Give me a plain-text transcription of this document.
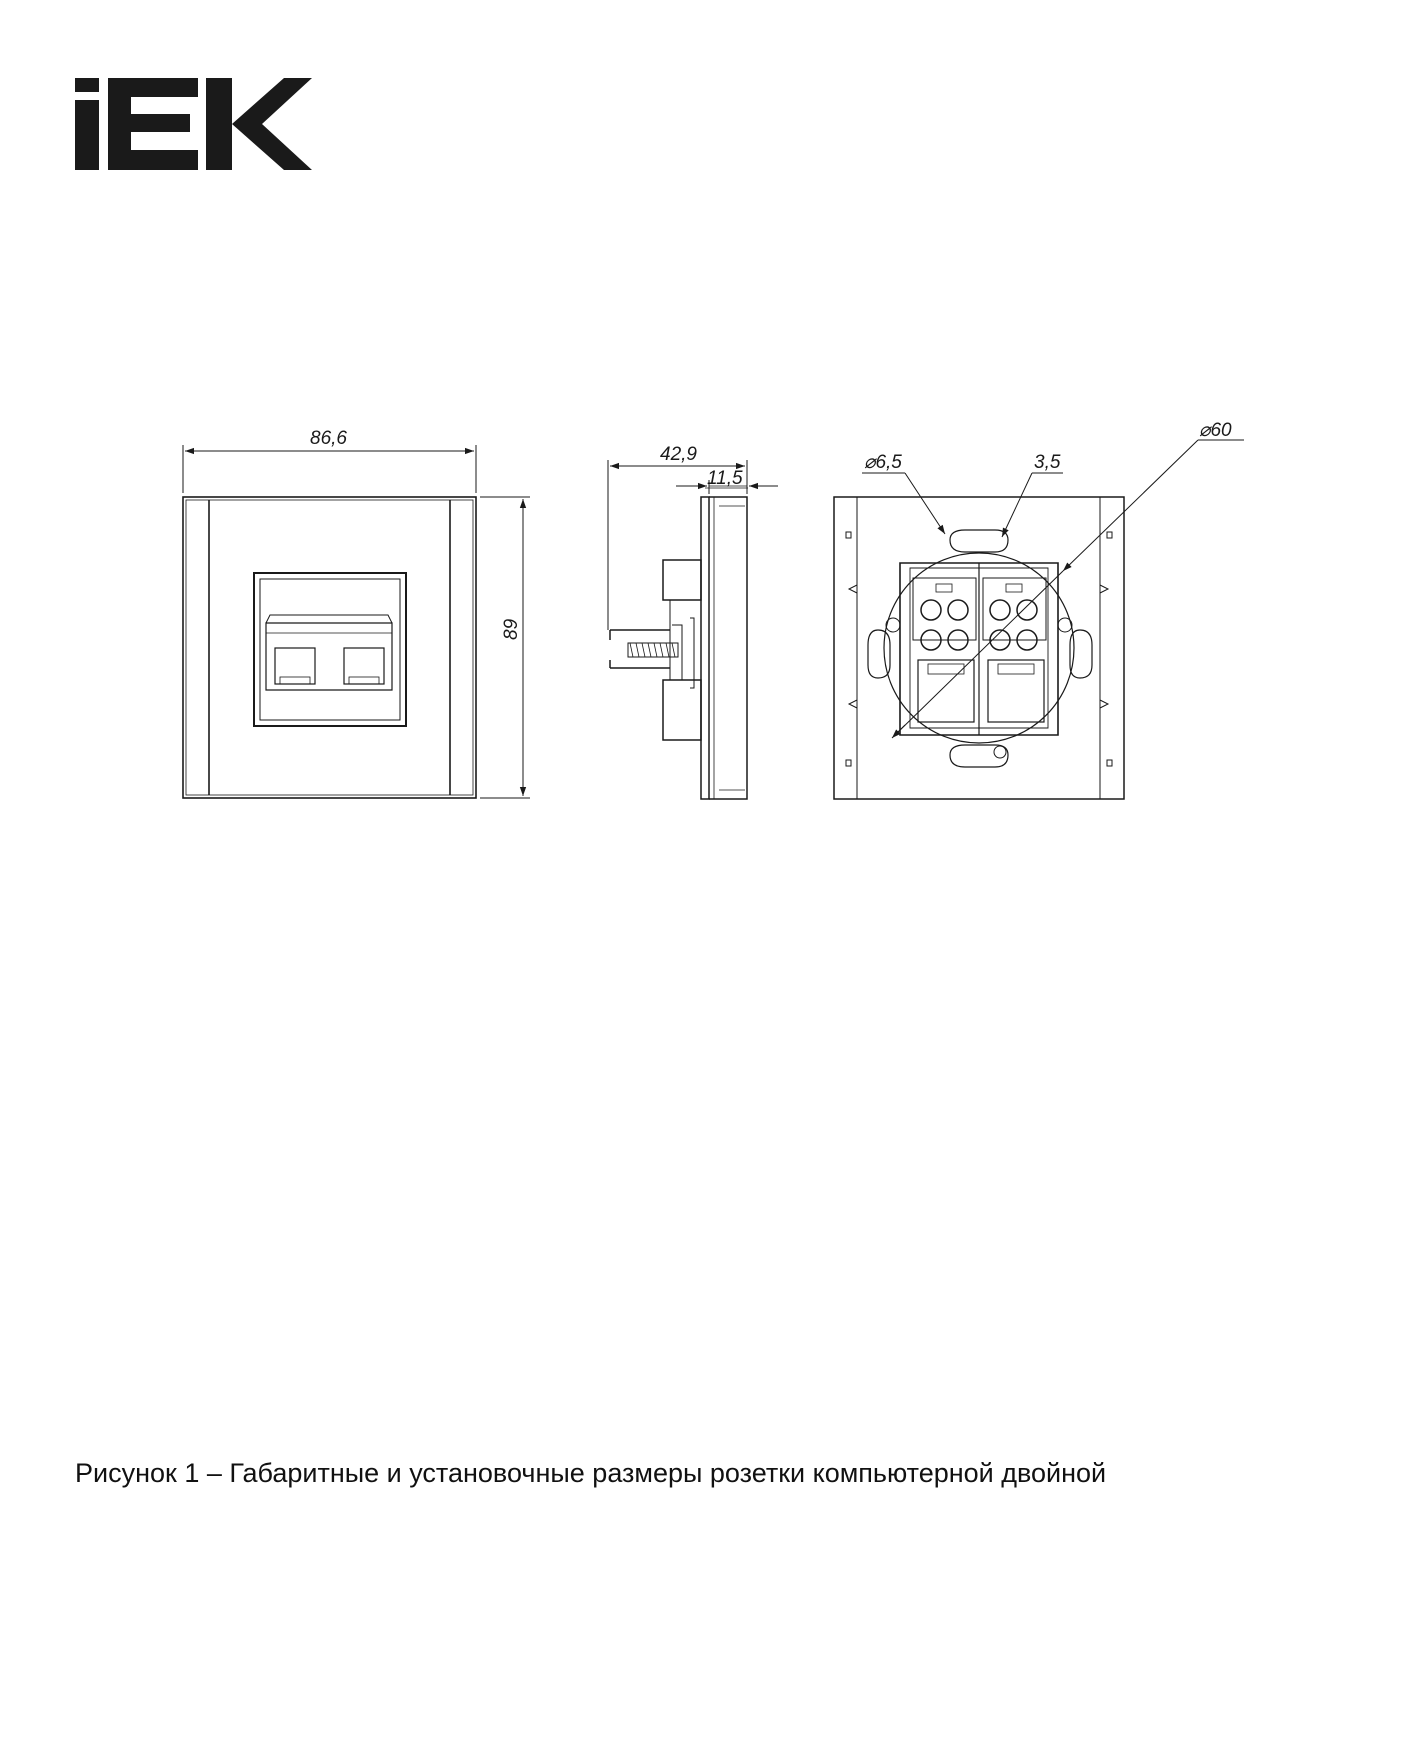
86,6
89
42,9
11,5
⌀6,5	3,5
⌀60
Рисунок 1 – Габаритные и установочные размеры розетки компьютерной двойной
